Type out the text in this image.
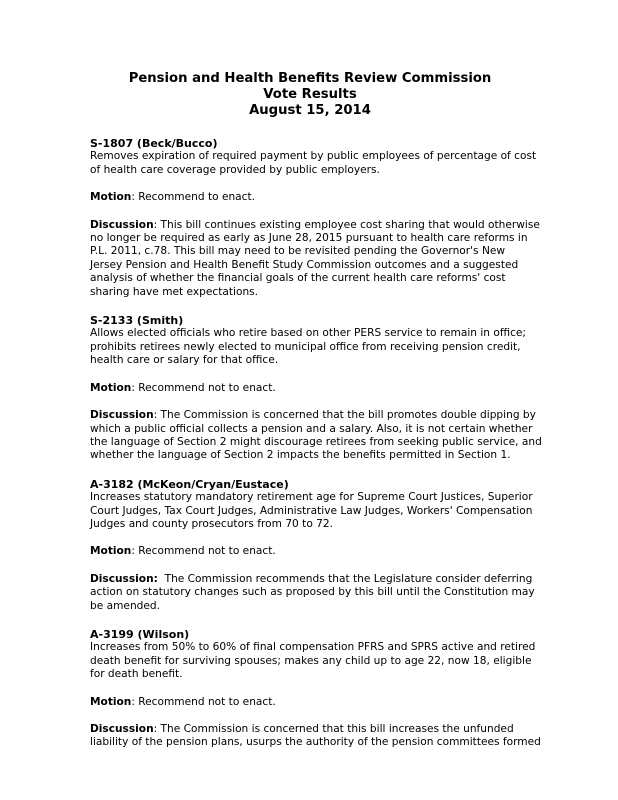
Pension and Health Benefits Review Commission
Vote Results
August 15, 2014
S-1807 (Beck/Bucco)
Removes expiration of required payment by public employees of percentage of cost
of health care coverage provided by public employers.
Motion: Recommend to enact.
Discussion: This bill continues existing employee cost sharing that would otherwise
no longer be required as early as June 28, 2015 pursuant to health care reforms in
P.L. 2011, c.78. This bill may need to be revisited pending the Governor's New
Jersey Pension and Health Benefit Study Commission outcomes and a suggested
analysis of whether the financial goals of the current health care reforms' cost
sharing have met expectations.
S-2133 (Smith)
Allows elected officials who retire based on other PERS service to remain in office;
prohibits retirees newly elected to municipal office from receiving pension credit,
health care or salary for that office.
Motion: Recommend not to enact.
Discussion: The Commission is concerned that the bill promotes double dipping by
which a public official collects a pension and a salary. Also, it is not certain whether
the language of Section 2 might discourage retirees from seeking public service, and
whether the language of Section 2 impacts the benefits permitted in Section 1.
A-3182 (McKeon/Cryan/Eustace)
Increases statutory mandatory retirement age for Supreme Court Justices, Superior
Court Judges, Tax Court Judges, Administrative Law Judges, Workers' Compensation
Judges and county prosecutors from 70 to 72.
Motion: Recommend not to enact.
Discussion:  The Commission recommends that the Legislature consider deferring
action on statutory changes such as proposed by this bill until the Constitution may
be amended.
A-3199 (Wilson)
Increases from 50% to 60% of final compensation PFRS and SPRS active and retired
death benefit for surviving spouses; makes any child up to age 22, now 18, eligible
for death benefit.
Motion: Recommend not to enact.
Discussion: The Commission is concerned that this bill increases the unfunded
liability of the pension plans, usurps the authority of the pension committees formed
